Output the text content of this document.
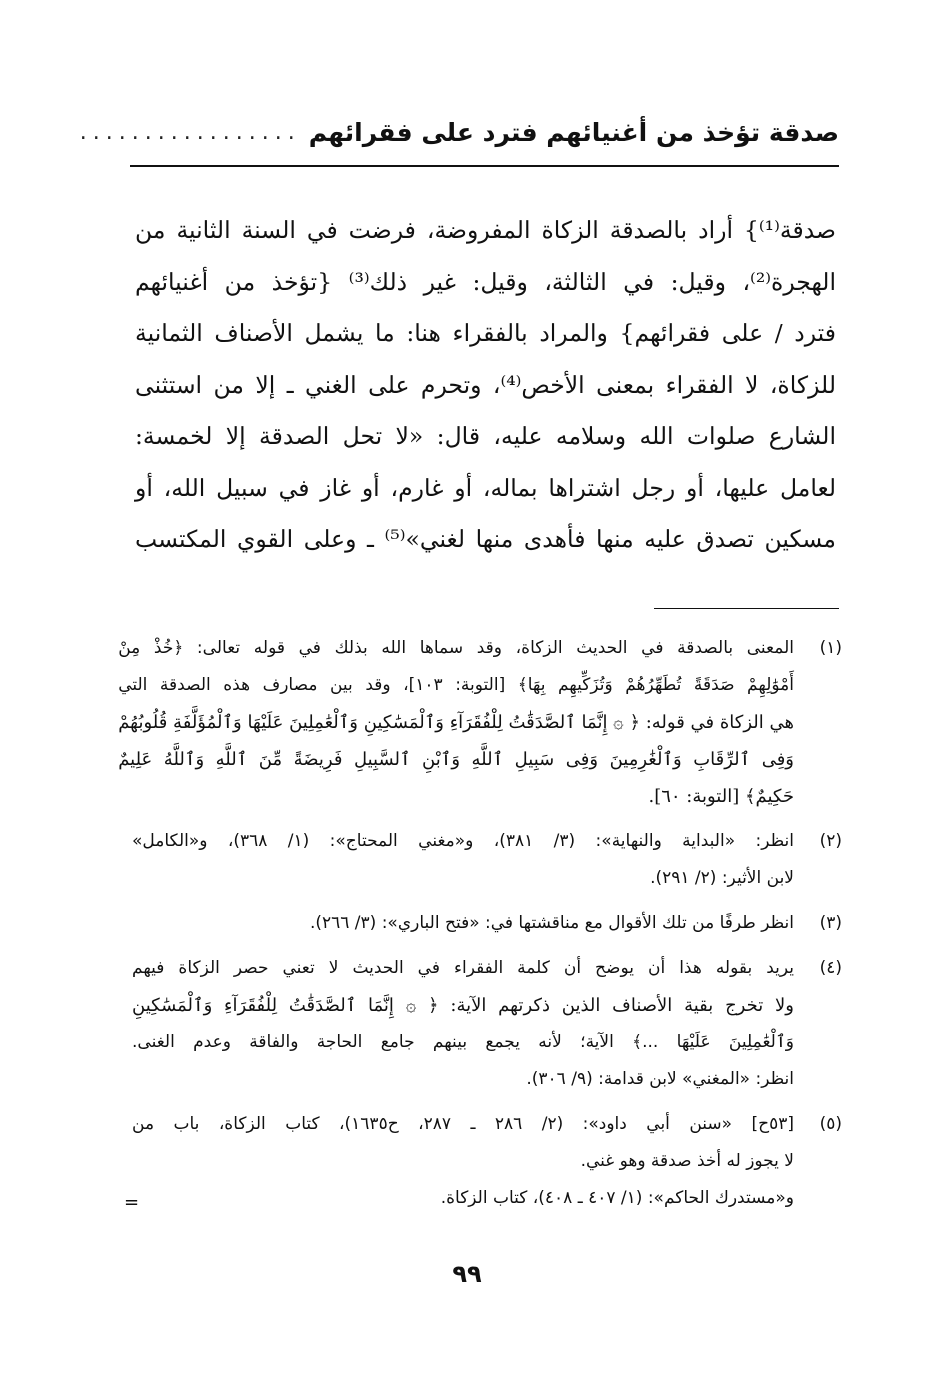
صدقة تؤخذ من أغنيائهم فترد على فقرائهم
.................
صدقة⁽¹⁾} أراد بالصدقة الزكاة المفروضة، فرضت في السنة الثانية من
الهجرة⁽²⁾، وقيل: في الثالثة، وقيل: غير ذلك⁽³⁾ {تؤخذ من أغنيائهم
فترد / على فقرائهم} والمراد بالفقراء هنا: ما يشمل الأصناف الثمانية
للزكاة، لا الفقراء بمعنى الأخص⁽⁴⁾، وتحرم على الغني ـ إلا من استثنى
الشارع صلوات الله وسلامه عليه، قال: «لا تحل الصدقة إلا لخمسة:
لعامل عليها، أو رجل اشتراها بماله، أو غارم، أو غاز في سبيل الله، أو
مسكين تصدق عليه منها فأهدى منها لغني»⁽⁵⁾ ـ وعلى القوي المكتسب
(١)
المعنى بالصدقة في الحديث الزكاة، وقد سماها الله بذلك في قوله تعالى: ﴿خُذْ مِنْ
أَمْوَٰلِهِمْ صَدَقَةً تُطَهِّرُهُمْ وَتُزَكِّيهِم بِهَا﴾ [التوبة: ١٠٣]، وقد بين مصارف هذه الصدقة التي
هي الزكاة في قوله: ﴿ ۞ إِنَّمَا ٱلصَّدَقَٰتُ لِلْفُقَرَآءِ وَٱلْمَسَٰكِينِ وَٱلْعَٰمِلِينَ عَلَيْهَا وَٱلْمُؤَلَّفَةِ قُلُوبُهُمْ
وَفِى ٱلرِّقَابِ وَٱلْغَٰرِمِينَ وَفِى سَبِيلِ ٱللَّهِ وَٱبْنِ ٱلسَّبِيلِ فَرِيضَةً مِّنَ ٱللَّهِ وَٱللَّهُ عَلِيمٌ
حَكِيمٌ﴾ [التوبة: ٦٠].
(٢)
انظر: «البداية والنهاية»: (٣/ ٣٨١)، و«مغني المحتاج»: (١/ ٣٦٨)، و«الكامل»
لابن الأثير: (٢/ ٢٩١).
(٣)
انظر طرفًا من تلك الأقوال مع مناقشتها في: «فتح الباري»: (٣/ ٢٦٦).
(٤)
يريد بقوله هذا أن يوضح أن كلمة الفقراء في الحديث لا تعني حصر الزكاة فيهم
ولا تخرج بقية الأصناف الذين ذكرتهم الآية: ﴿ ۞ إِنَّمَا ٱلصَّدَقَٰتُ لِلْفُقَرَآءِ وَٱلْمَسَٰكِينِ
وَٱلْعَٰمِلِينَ عَلَيْهَا ...﴾ الآية؛ لأنه يجمع بينهم جامع الحاجة والفاقة وعدم الغنى.
انظر: «المغني» لابن قدامة: (٩/ ٣٠٦).
(٥)
[٥٣ح] «سنن أبي داود»: (٢/ ٢٨٦ ـ ٢٨٧، ح١٦٣٥)، كتاب الزكاة، باب من
لا يجوز له أخذ صدقة وهو غني.
و«مستدرك الحاكم»: (١/ ٤٠٧ ـ ٤٠٨)، كتاب الزكاة.
=
٩٩
